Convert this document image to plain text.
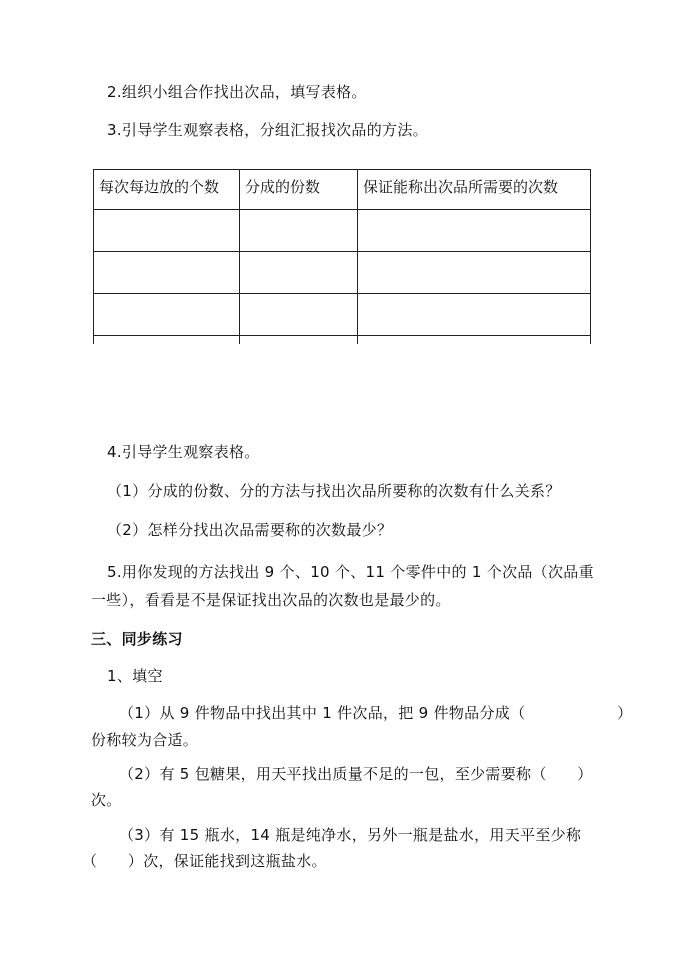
2.组织小组合作找出次品，填写表格。
3.引导学生观察表格，分组汇报找次品的方法。
每次每边放的个数	分成的份数	保证能称出次品所需要的次数

4.引导学生观察表格。
（1）分成的份数、分的方法与找出次品所要称的次数有什么关系？
（2）怎样分找出次品需要称的次数最少？
5.用你发现的方法找出 9 个、10 个、11 个零件中的 1 个次品（次品重
一些），看看是不是保证找出次品的次数也是最少的。
三、同步练习
1、填空
（1）从 9 件物品中找出其中 1 件次品，把 9 件物品分成（　　　　　　）
份称较为合适。
（2）有 5 包糖果，用天平找出质量不足的一包，至少需要称（　　）
次。
（3）有 15 瓶水，14 瓶是纯净水，另外一瓶是盐水，用天平至少称
（　　）次，保证能找到这瓶盐水。
